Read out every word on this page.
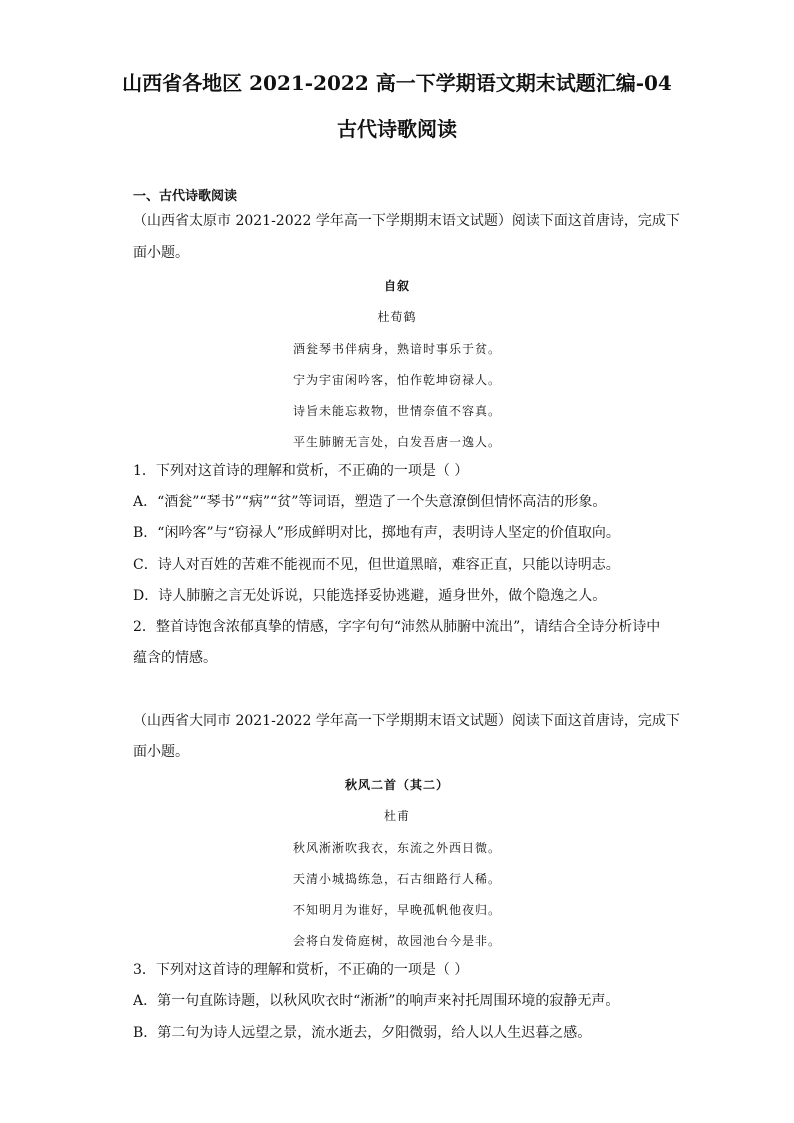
山西省各地区 2021-2022 高一下学期语文期末试题汇编-04
古代诗歌阅读
一、古代诗歌阅读
（山西省太原市 2021-2022 学年高一下学期期末语文试题）阅读下面这首唐诗，完成下
面小题。
自叙
杜荀鹤
酒瓮琴书伴病身，熟谙时事乐于贫。
宁为宇宙闲吟客，怕作乾坤窃禄人。
诗旨未能忘救物，世情奈值不容真。
平生肺腑无言处，白发吾唐一逸人。
1．下列对这首诗的理解和赏析，不正确的一项是（ ）
A．“酒瓮”“琴书”“病”“贫”等词语，塑造了一个失意潦倒但情怀高洁的形象。
B．“闲吟客”与“窃禄人”形成鲜明对比，掷地有声，表明诗人坚定的价值取向。
C．诗人对百姓的苦难不能视而不见，但世道黑暗，难容正直，只能以诗明志。
D．诗人肺腑之言无处诉说，只能选择妥协逃避，遁身世外，做个隐逸之人。
2．整首诗饱含浓郁真挚的情感，字字句句“沛然从肺腑中流出”，请结合全诗分析诗中
蕴含的情感。
（山西省大同市 2021-2022 学年高一下学期期末语文试题）阅读下面这首唐诗，完成下
面小题。
秋风二首（其二）
杜甫
秋风淅淅吹我衣，东流之外西日微。
天清小城捣练急，石古细路行人稀。
不知明月为谁好，早晚孤帆他夜归。
会将白发倚庭树，故园池台今是非。
3．下列对这首诗的理解和赏析，不正确的一项是（ ）
A．第一句直陈诗题，以秋风吹衣时“淅淅”的响声来衬托周围环境的寂静无声。
B．第二句为诗人远望之景，流水逝去，夕阳微弱，给人以人生迟暮之感。
